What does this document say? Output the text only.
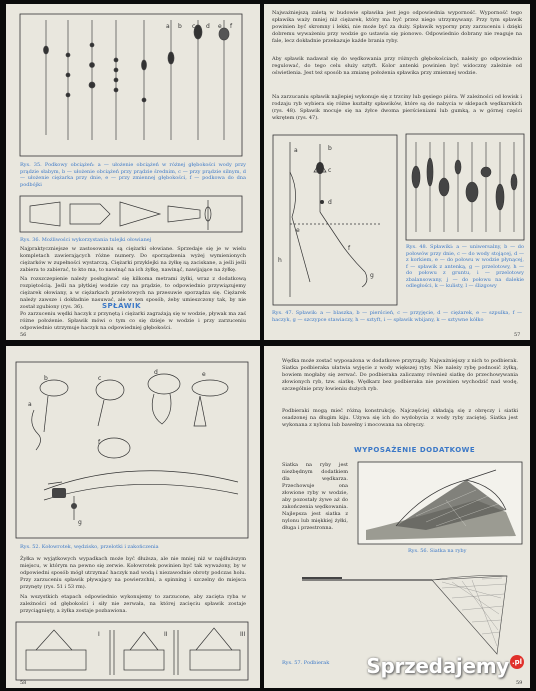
a b c d e f
Rys. 35. Podkowy obciążeń: a — ułożenie obciążeń w różnej głębokości wody przy prądzie słabym, b — ułożenie obciążeń przy prądzie średnim, c — przy prądzie silnym, d — ułożenie ciężarka przy dnie, e — przy zmiennej głębokości, f — podkowa do dna podbójki
Rys. 36. Możliwości wykorzystania tulejki ołowianej
Najpraktyczniejsze w zastosowaniu są ciężarki ołowiane. Sprzedaje się je w wielu kompletach zawierających różne numery. Do sporządzenia wyżej wymienionych ciężarków w zupełności wystarczą. Ciężarki przyklejki na żyłkę są zaciskane, a jeśli jeśli zabiera to zabierać, to kto ma, to nawinąć na ich żyłkę, nawinąć, nawijające na żyłkę.
Na rozszczepienie należy posługiwać się kilkoma metrami żyłki, wraz z dodatkową rozpiętością. Jeśli na płytkiej wodzie czy na prądzie, to odpowiednio przywiązujemy ciężarek ołowiany, a w ciężarkach przelotowych na przesuwie sporządza się. Ciężarek należy zawsze i dokładnie nasuwać, ale w ten sposób, żeby umieszczony tak, by nie został zgubiony (rys. 36).	SPŁAWIK
Po zarzuceniu wędki haczyk z przynętą i ciężarki zagrażają się w wodzie, pływak ma zaś różne położenie. Spławik mówi o tym co się dzieje w wodzie i przy zarzuceniu odpowiednio utrzymuje haczyk na odpowiedniej głębokości.
56
Najważniejszą zaletą w budowie spławika jest jego odpowiednia wyporność. Wyporność tego spławika waży mniej niż ciężarek, który ma być przez niego utrzymywany. Przy tym spławik powinien być skromny i lekki, nie może być za duży. Spławik wyporny przy zarzuceniu i dzięki dobremu wyważeniu przy wodzie go ustawia się pionowo. Odpowiednio dobrany nie reaguje na fale, lecz dokładnie przekazuje każde brania ryby.
Aby spławik nadawał się do wędkowania przy różnych głębokościach, należy go odpowiednio regulować, do tego celu służy sztyft. Kolor antenki powinien być widoczny zależnie od oświetlenia. Jest też sposób na zmianę położenia spławika przy zmiennej wodzie.
Na zarzucaniu spławik najlepiej wykonuje się z trzciny lub gęsiego pióra. W zależności od łowisk i rodzaju ryb wybiera się różne kształty spławików, które są do nabycia w sklepach wędkarskich (rys. 48). Spławik mocuje się na żyłce dwoma pierścieniami lub gumką, a w górnej części wkrętem (rys. 47).
a	b
c
d
e
f
g
h
Rys. 48. Spławiki: a — uniwersalny, b — do połowów przy dnie, c — do wody stojącej, d — z korkiem, e — do połowu w wodzie płynącej, f — spławik z antenką, g — przelotowy, h — do połowu z gruntu, i — przelotowy zbalansowany, j — do połowu na dalekie odległości, k — kulisty, l — ślizgowy
Rys. 47. Spławik: a — blaszka, b — pierścień, c — przyjęcie, d — ciężarek, e — szpulka, f — haczyk, g — szczypce stawiaczy, h — sztyft, i — spławik wbijany, k — sztywne kółko
57
a
b	c
d	e
f
g
Rys. 52. Kołowrotek, wędzisko, przelotki i zakończenia
Żyłka w wyjątkowych wypadkach może być dłuższa, ale nie mniej niż w najdłuższym miejscu, w którym na pewno się zerwie. Kołowrotek powinien być tak wyważony, by w odpowiedni sposób mógł utrzymać haczyk nad wodą i niezawodnie obroty podczas holu. Przy zarzuceniu spławik pływający na powierzchni, a spinning i szczelny do miejsca przynęty (rys. 51 i 53 rm).
Na wszystkich etapach odpowiednio wykonujemy to zarzucone, aby zacięta ryba w zależności od głębokości i siły nie zerwała, na której zacięciu spławik zostaje przyciągnięty, a żyłka zostaje pozbawiona.
I	II	III
58
Wędka może zostać wyposażona w dodatkowe przyrządy. Najważniejszy z nich to podbierak. Siatka podbieraka ułatwia wyjęcie z wody większej ryby. Nie należy rybę podnosić żyłką, bowiem mogłaby się zerwać. Do podbieraka zaliczamy również siatkę do przechowywania złowionych ryb, tzw. siatkę. Wędkarz bez podbieraka nie powinien wychodzić nad wodę, szczególnie przy łowieniu dużych ryb.
Podbieraki mogą mieć różną konstrukcję. Najczęściej składają się z obręczy i siatki osadzonej na długim kiju. Używa się ich do wydobycia z wody ryby zaciętej. Siatka jest wykonana z nylonu lub bawełny i mocowana na obręczy.
WYPOSAŻENIE DODATKOWE
Siatka na ryby jest niezbędnym dodatkiem dla wędkarza. Przechowuje ona złowione ryby w wodzie, aby pozostały żywe aż do zakończenia wędkowania. Najlepsza jest siatka z nylonu lub miękkiej żyłki, długa i przestronna.
Rys. 56. Siatka na ryby
Rys. 57. Podbierak
59
Sprzedajemy .pl
